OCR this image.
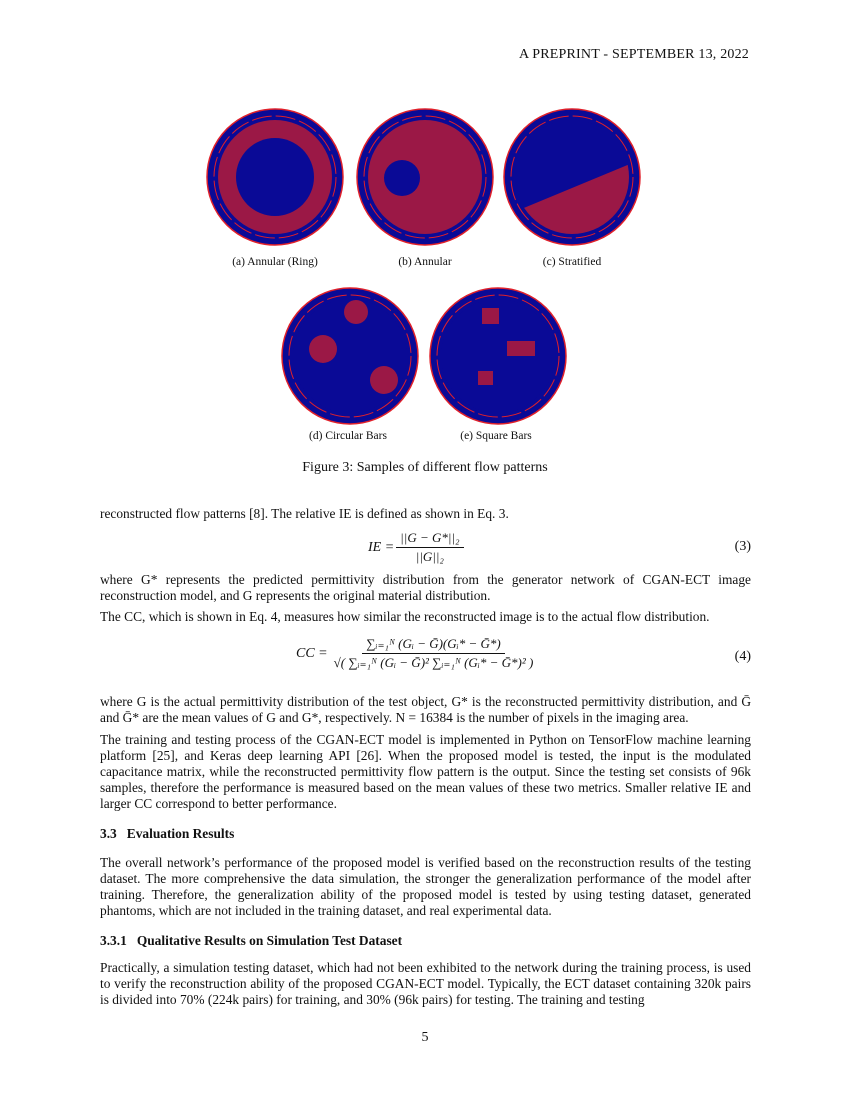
A PREPRINT - SEPTEMBER 13, 2022
(a) Annular (Ring)	(b) Annular	(c) Stratified
(d) Circular Bars	(e) Square Bars
Figure 3: Samples of different flow patterns

reconstructed flow patterns [8]. The relative IE is defined as shown in Eq. 3.

IE = $\frac{\text{||G − G*||₂}}{\text{||G||₂}}$	(3)

where G* represents the predicted permittivity distribution from the generator network of CGAN-ECT image reconstruction model, and G represents the original material distribution.

The CC, which is shown in Eq. 4, measures how similar the reconstructed image is to the actual flow distribution.

CC = $\frac{\text{∑ᵢ₌₁ᴺ (Gᵢ − Ḡ)(Gᵢ* − Ḡ*)}}{\text{√( ∑ᵢ₌₁ᴺ (Gᵢ − Ḡ)² ∑ᵢ₌₁ᴺ (Gᵢ* − Ḡ*)² )}}$	(4)

where G is the actual permittivity distribution of the test object, G* is the reconstructed permittivity distribution, and Ḡ and Ḡ* are the mean values of G and G*, respectively. N = 16384 is the number of pixels in the imaging area.

The training and testing process of the CGAN-ECT model is implemented in Python on TensorFlow machine learning platform [25], and Keras deep learning API [26]. When the proposed model is tested, the input is the modulated capacitance matrix, while the reconstructed permittivity flow pattern is the output. Since the testing set consists of 96k samples, therefore the performance is measured based on the mean values of these two metrics. Smaller relative IE and larger CC correspond to better performance.

3.3   Evaluation Results

The overall network’s performance of the proposed model is verified based on the reconstruction results of the testing dataset. The more comprehensive the data simulation, the stronger the generalization performance of the model after training. Therefore, the generalization ability of the proposed model is tested by using testing dataset, generated phantoms, which are not included in the training dataset, and real experimental data.

3.3.1   Qualitative Results on Simulation Test Dataset

Practically, a simulation testing dataset, which had not been exhibited to the network during the training process, is used to verify the reconstruction ability of the proposed CGAN-ECT model. Typically, the ECT dataset containing 320k pairs is divided into 70% (224k pairs) for training, and 30% (96k pairs) for testing. The training and testing

5
